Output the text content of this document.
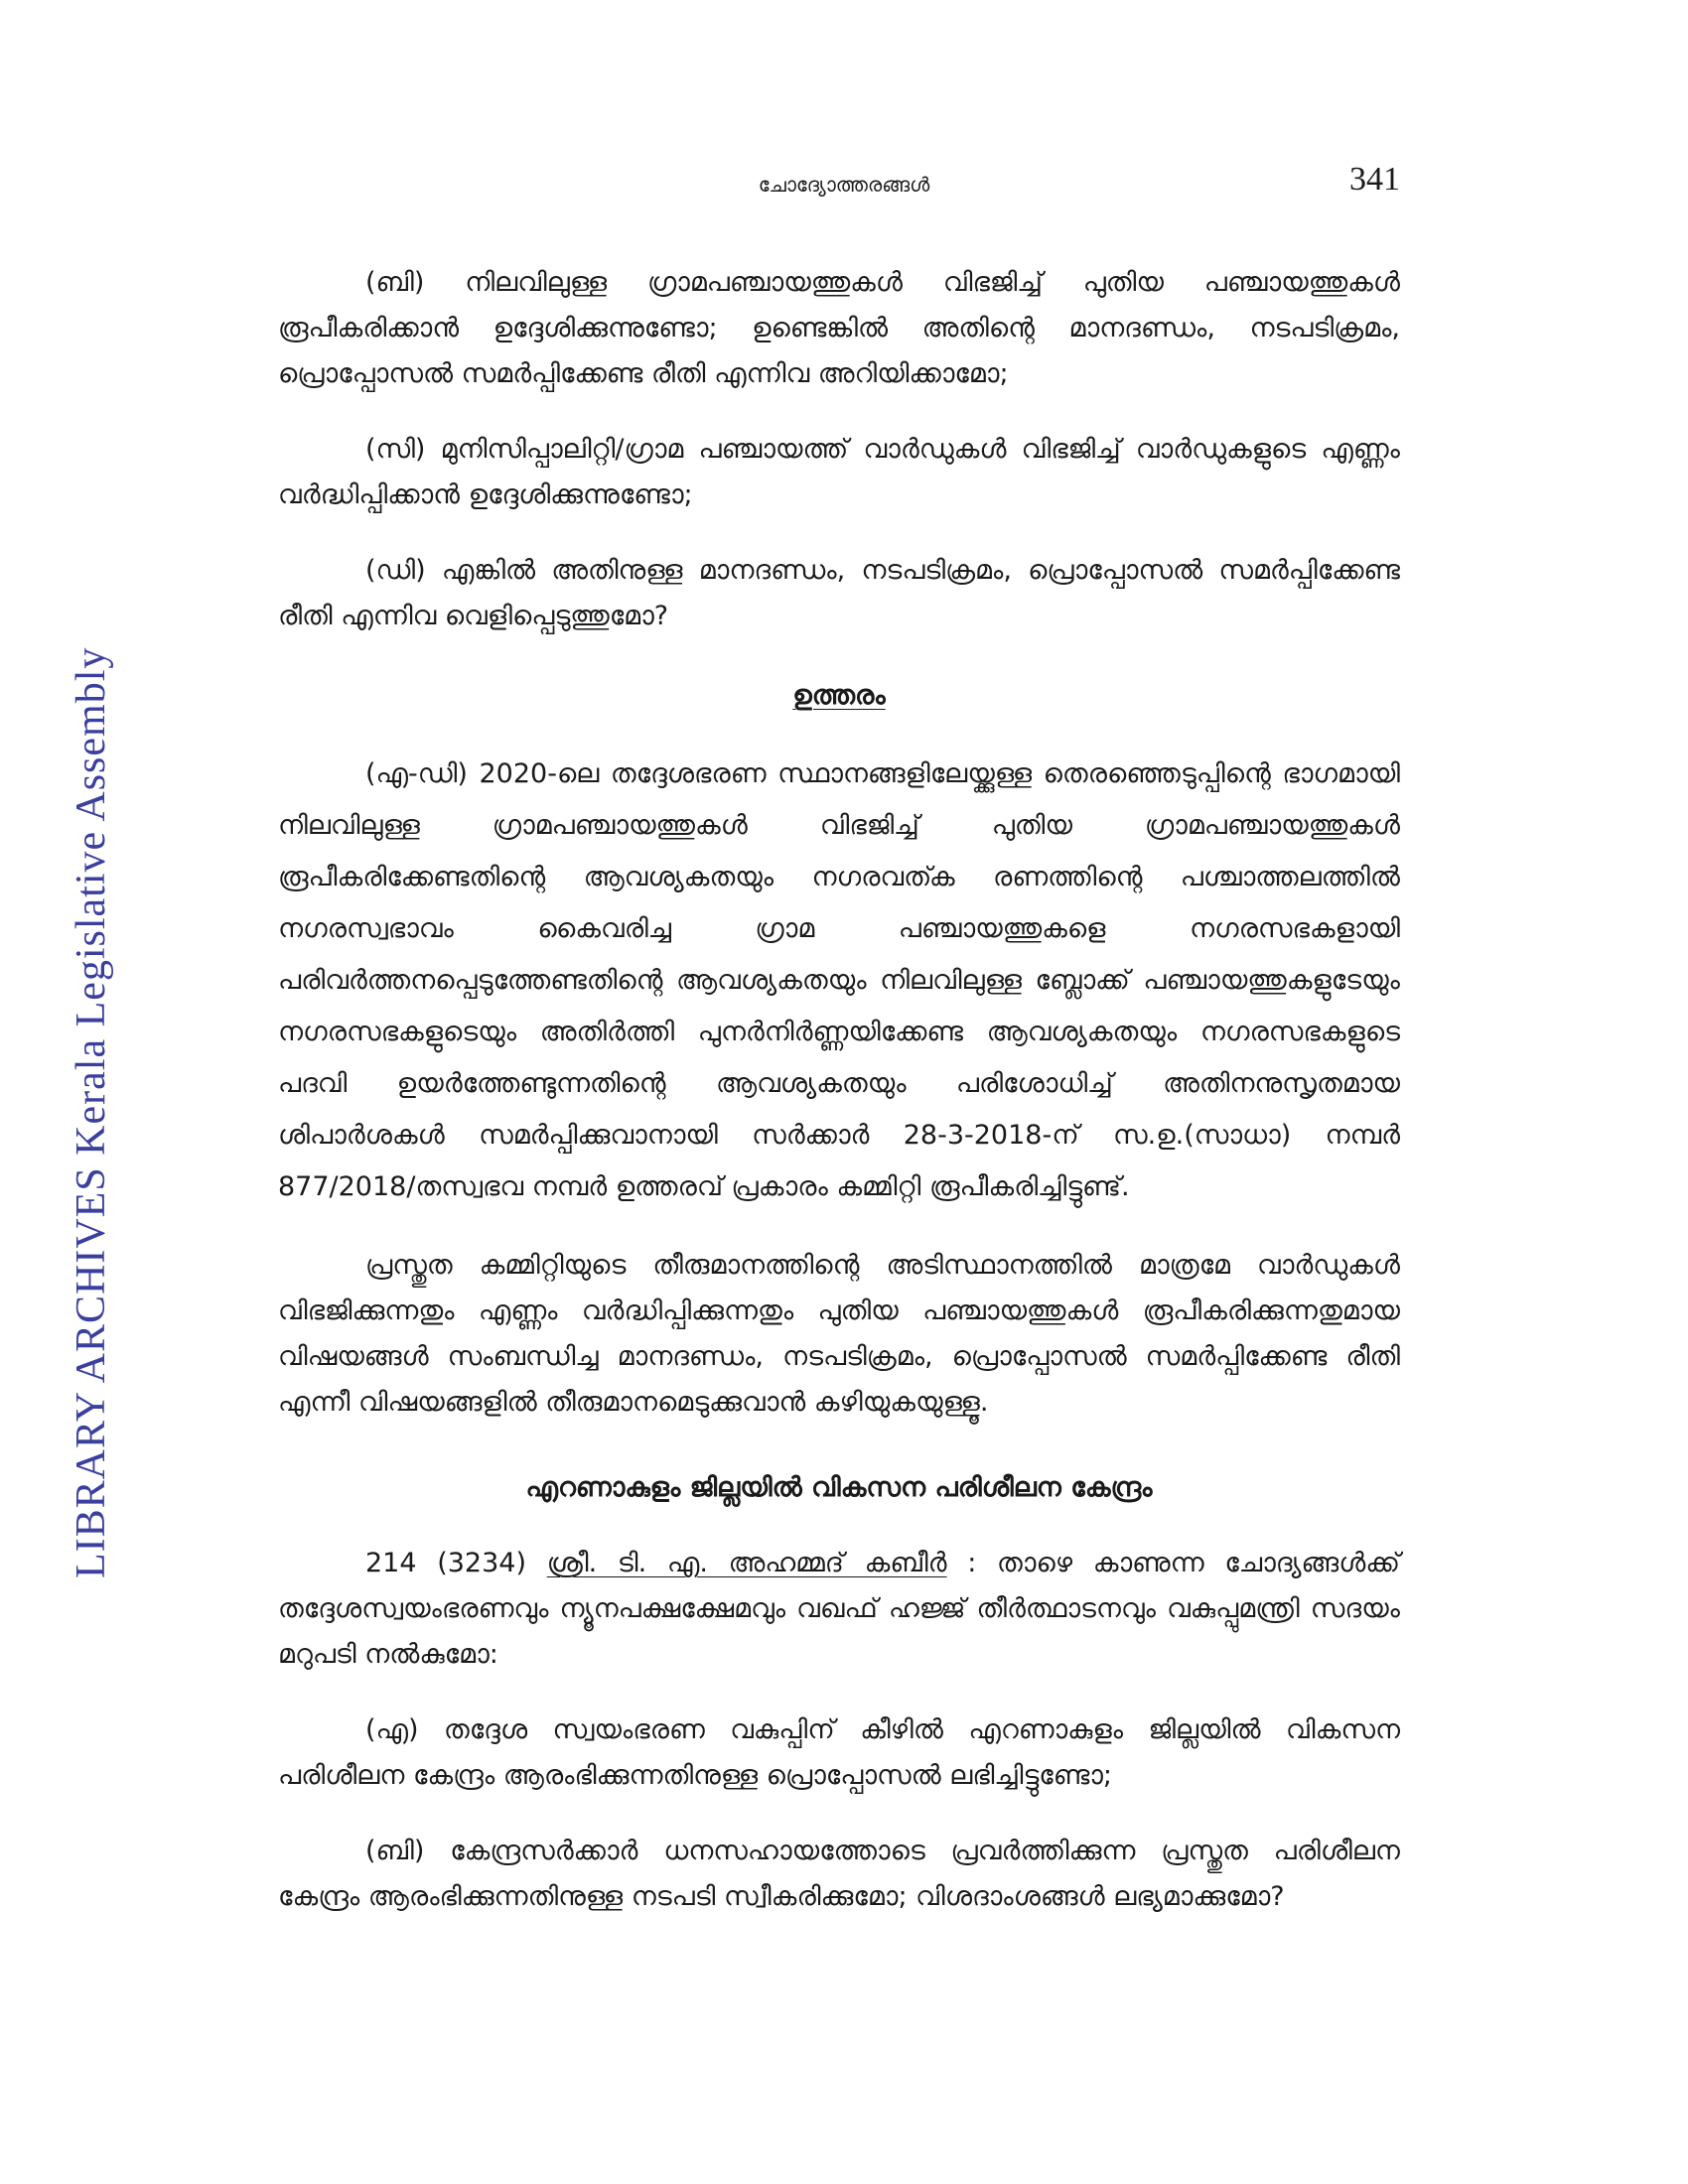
LIBRARY ARCHIVES Kerala Legislative Assembly
ചോദ്യോത്തരങ്ങൾ	341

(ബി) നിലവിലുള്ള ഗ്രാമപഞ്ചായത്തുകൾ വിഭജിച്ച് പുതിയ പഞ്ചായത്തുകൾ രൂപീകരിക്കാൻ ഉദ്ദേശിക്കുന്നുണ്ടോ; ഉണ്ടെങ്കിൽ അതിന്റെ മാനദണ്ഡം, നടപടിക്രമം, പ്രൊപ്പോസൽ സമർപ്പിക്കേണ്ട രീതി എന്നിവ അറിയിക്കാമോ;

(സി) മുനിസിപ്പാലിറ്റി/ഗ്രാമ പഞ്ചായത്ത് വാർഡുകൾ വിഭജിച്ച് വാർഡുകളുടെ എണ്ണം വർദ്ധിപ്പിക്കാൻ ഉദ്ദേശിക്കുന്നുണ്ടോ;

(ഡി) എങ്കിൽ അതിനുള്ള മാനദണ്ഡം, നടപടിക്രമം, പ്രൊപ്പോസൽ സമർപ്പിക്കേണ്ട രീതി എന്നിവ വെളിപ്പെടുത്തുമോ?

ഉത്തരം

(എ-ഡി) 2020-ലെ തദ്ദേശഭരണ സ്ഥാനങ്ങളിലേയ്ക്കുള്ള തെരഞ്ഞെടുപ്പിന്റെ ഭാഗമായി നിലവിലുള്ള ഗ്രാമപഞ്ചായത്തുകൾ വിഭജിച്ച് പുതിയ ഗ്രാമപഞ്ചായത്തുകൾ രൂപീകരിക്കേണ്ടതിന്റെ ആവശ്യകതയും നഗരവത്ക രണത്തിന്റെ പശ്ചാത്തലത്തിൽ നഗരസ്വഭാവം കൈവരിച്ച ഗ്രാമ പഞ്ചായത്തുകളെ നഗരസഭകളായി പരിവർത്തനപ്പെടുത്തേണ്ടതിന്റെ ആവശ്യകതയും നിലവിലുള്ള ബ്ലോക്ക് പഞ്ചായത്തുകളുടേയും നഗരസഭകളുടെയും അതിർത്തി പുനർനിർണ്ണയിക്കേണ്ട ആവശ്യകതയും നഗരസഭകളുടെ പദവി ഉയർത്തേണ്ടുന്നതിന്റെ ആവശ്യകതയും പരിശോധിച്ച് അതിനനുസൃതമായ ശിപാർശകൾ സമർപ്പിക്കുവാനായി സർക്കാർ 28-3-2018-ന് സ.ഉ.(സാധാ) നമ്പർ 877/2018/തസ്വഭവ നമ്പർ ഉത്തരവ് പ്രകാരം കമ്മിറ്റി രൂപീകരിച്ചിട്ടുണ്ട്.

പ്രസ്തുത കമ്മിറ്റിയുടെ തീരുമാനത്തിന്റെ അടിസ്ഥാനത്തിൽ മാത്രമേ വാർഡുകൾ വിഭജിക്കുന്നതും എണ്ണം വർദ്ധിപ്പിക്കുന്നതും പുതിയ പഞ്ചായത്തുകൾ രൂപീകരിക്കുന്നതുമായ വിഷയങ്ങൾ സംബന്ധിച്ച മാനദണ്ഡം, നടപടിക്രമം, പ്രൊപ്പോസൽ സമർപ്പിക്കേണ്ട രീതി എന്നീ വിഷയങ്ങളിൽ തീരുമാനമെടുക്കുവാൻ കഴിയുകയുള്ളൂ.

എറണാകുളം ജില്ലയിൽ വികസന പരിശീലന കേന്ദ്രം

214 (3234) ശ്രീ. ടി. എ. അഹമ്മദ് കബീർ : താഴെ കാണുന്ന ചോദ്യങ്ങൾക്ക് തദ്ദേശസ്വയംഭരണവും ന്യൂനപക്ഷക്ഷേമവും വഖഫ് ഹജ്ജ് തീർത്ഥാടനവും വകുപ്പുമന്ത്രി സദയം മറുപടി നൽകുമോ:

(എ) തദ്ദേശ സ്വയംഭരണ വകുപ്പിന് കീഴിൽ എറണാകുളം ജില്ലയിൽ വികസന പരിശീലന കേന്ദ്രം ആരംഭിക്കുന്നതിനുള്ള പ്രൊപ്പോസൽ ലഭിച്ചിട്ടുണ്ടോ;

(ബി) കേന്ദ്രസർക്കാർ ധനസഹായത്തോടെ പ്രവർത്തിക്കുന്ന പ്രസ്തുത പരിശീലന കേന്ദ്രം ആരംഭിക്കുന്നതിനുള്ള നടപടി സ്വീകരിക്കുമോ; വിശദാംശങ്ങൾ ലഭ്യമാക്കുമോ?
